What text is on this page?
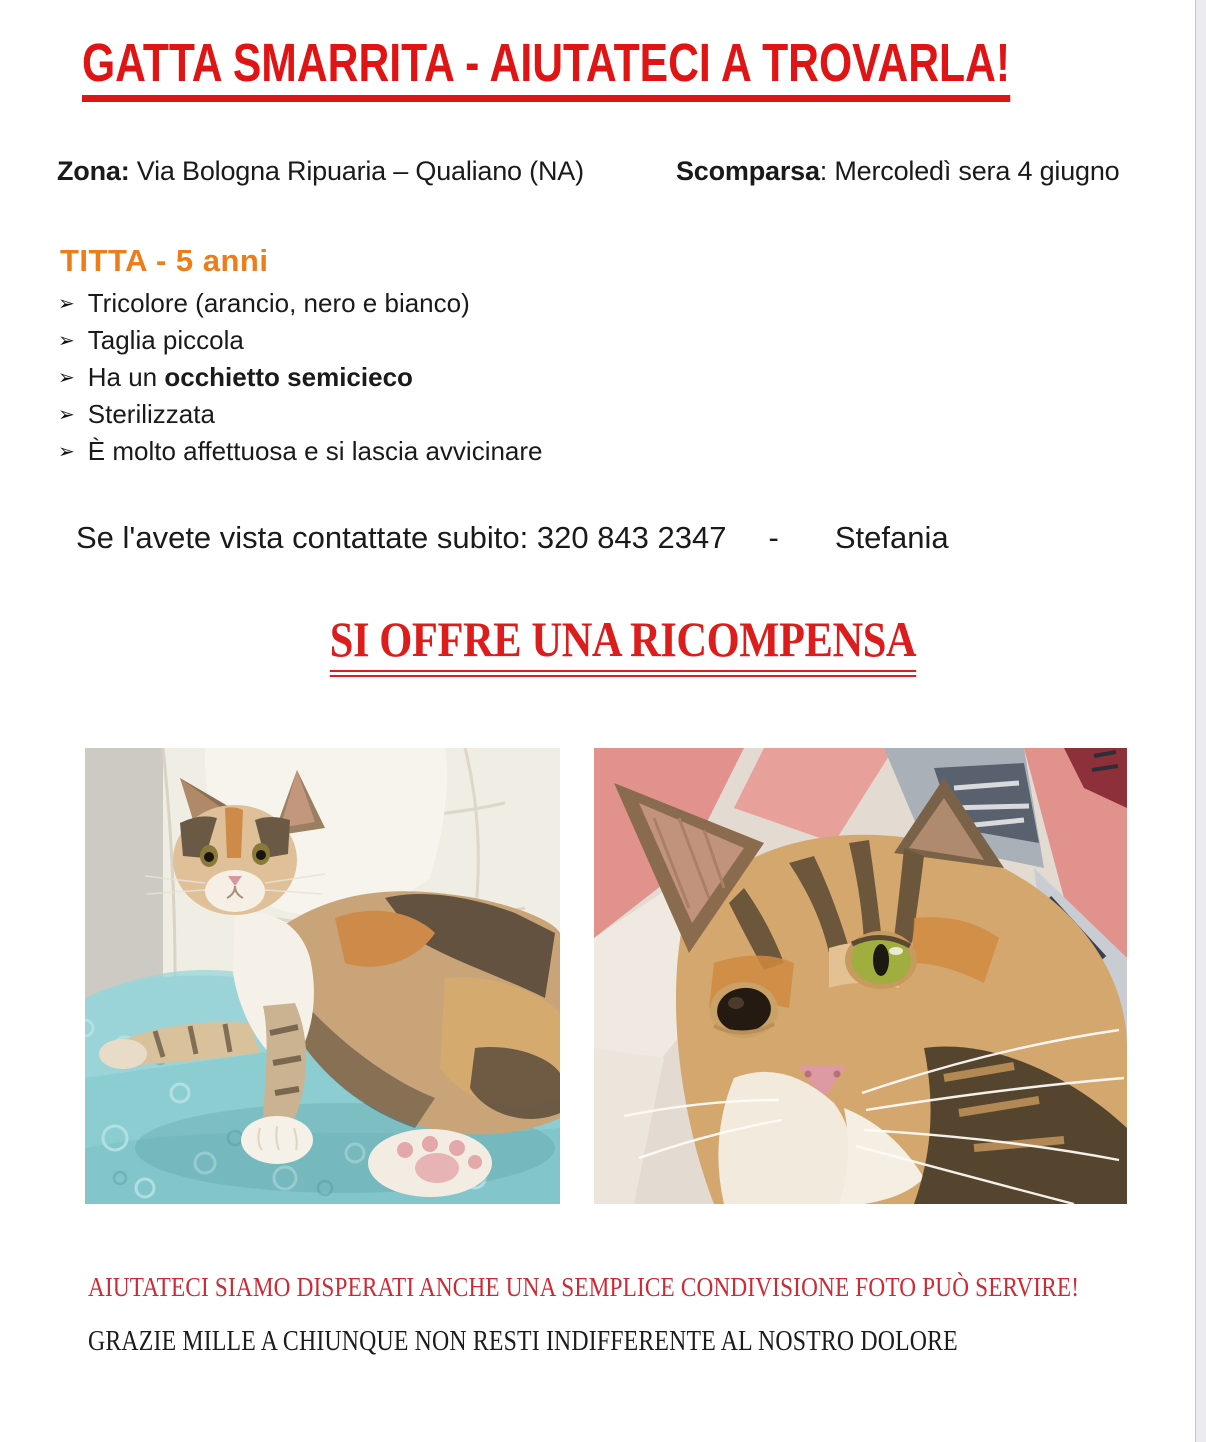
GATTA SMARRITA - AIUTATECI A TROVARLA!
Zona: Via Bologna Ripuaria – Qualiano (NA)	Scomparsa: Mercoledì sera 4 giugno
TITTA - 5 anni
➢ Tricolore (arancio, nero e bianco)
➢ Taglia piccola
➢ Ha un occhietto semicieco
➢ Sterilizzata
➢ È molto affettuosa e si lascia avvicinare
Se l'avete vista contattate subito: 320 843 2347 - Stefania
SI OFFRE UNA RICOMPENSA
AIUTATECI SIAMO DISPERATI ANCHE UNA SEMPLICE CONDIVISIONE FOTO PUÒ SERVIRE!
GRAZIE MILLE A CHIUNQUE NON RESTI INDIFFERENTE AL NOSTRO DOLORE
